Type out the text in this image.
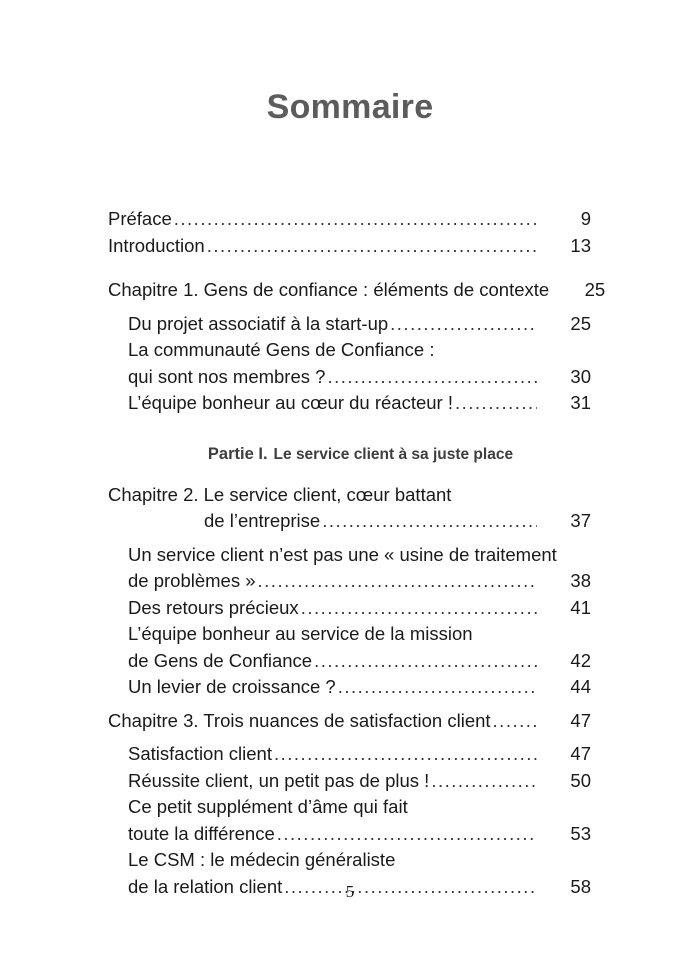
Sommaire
Préface .....	9
Introduction .....	13
Chapitre 1. Gens de confiance : éléments de contexte	25
Du projet associatif à la start-up .....	25
La communauté Gens de Confiance :
qui sont nos membres ? .....	30
L’équipe bonheur au cœur du réacteur ! .....	31
Partie I. Le service client à sa juste place
Chapitre 2. Le service client, cœur battant
de l’entreprise .....	37
Un service client n’est pas une « usine de traitement
de problèmes » .....	38
Des retours précieux .....	41
L’équipe bonheur au service de la mission
de Gens de Confiance .....	42
Un levier de croissance ? .....	44
Chapitre 3. Trois nuances de satisfaction client .....	47
Satisfaction client .....	47
Réussite client, un petit pas de plus ! .....	50
Ce petit supplément d’âme qui fait
toute la différence .....	53
Le CSM : le médecin généraliste
de la relation client .....	58
5
